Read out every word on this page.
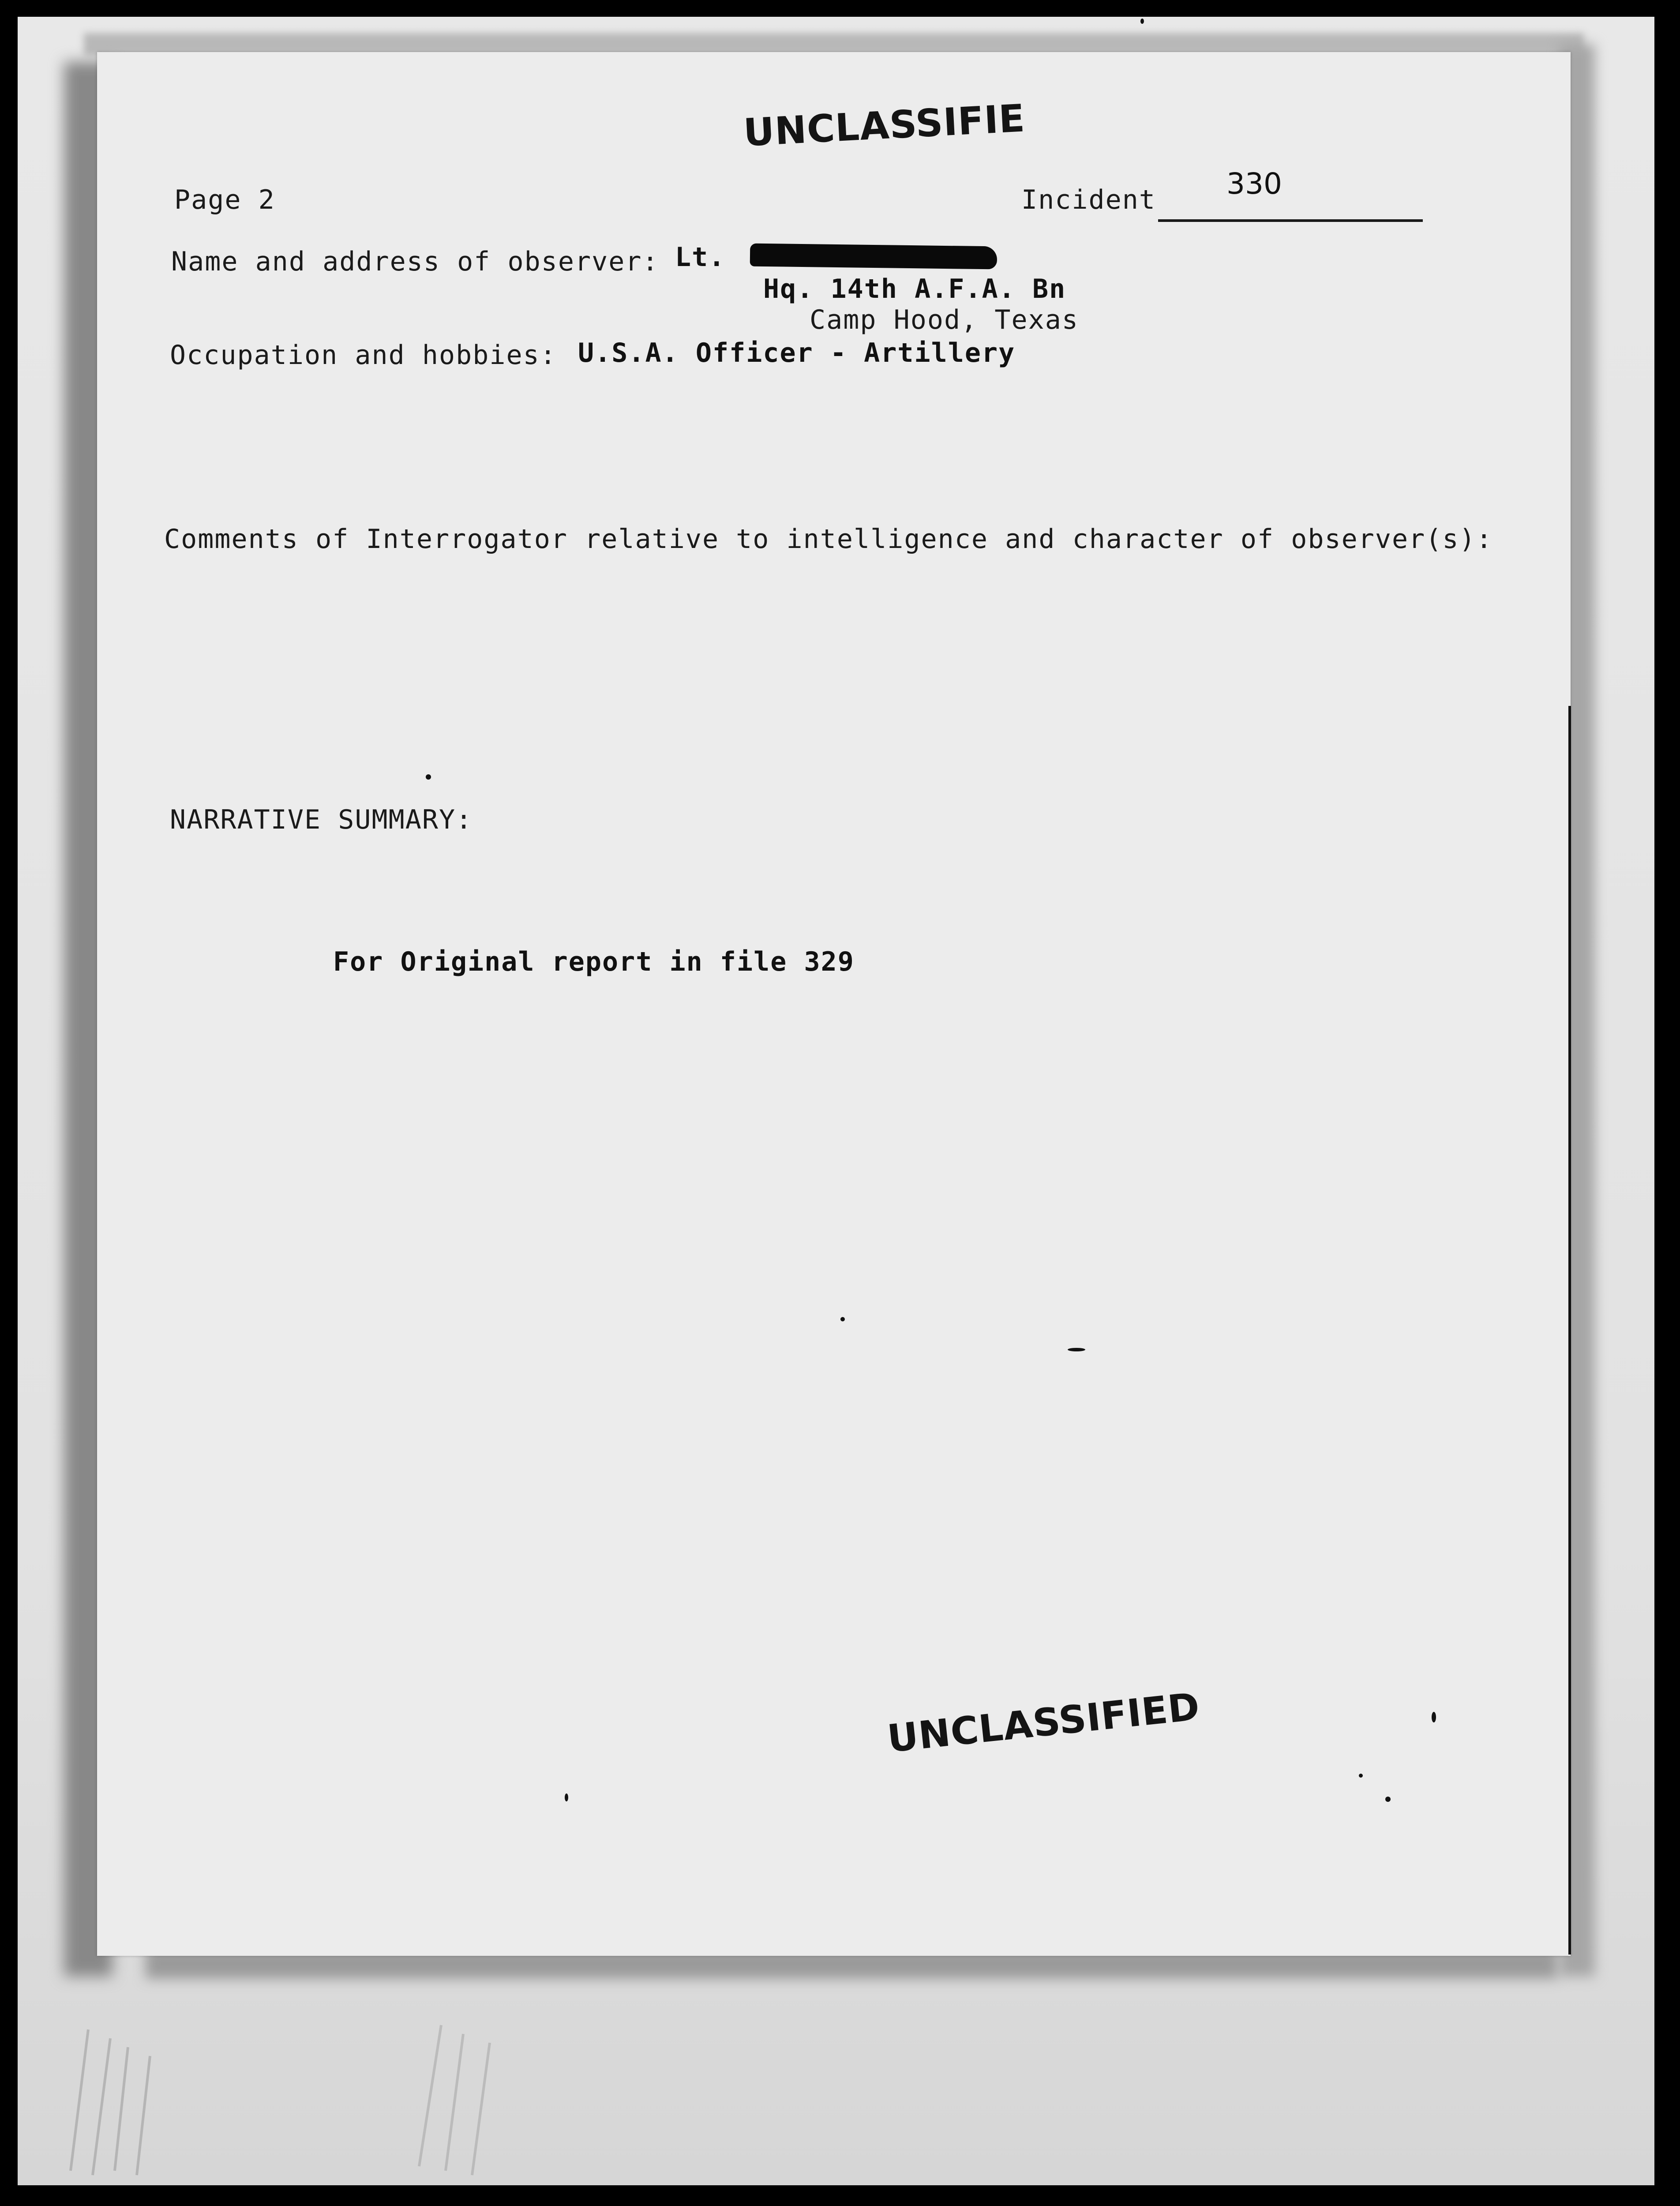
UNCLASSIFIE
Page 2	Incident 330
Name and address of observer: Lt.
Hq. 14th A.F.A. Bn
Camp Hood, Texas
Occupation and hobbies: U.S.A. Officer - Artillery
Comments of Interrogator relative to intelligence and character of observer(s):
NARRATIVE SUMMARY:
For Original report in file 329
UNCLASSIFIED
